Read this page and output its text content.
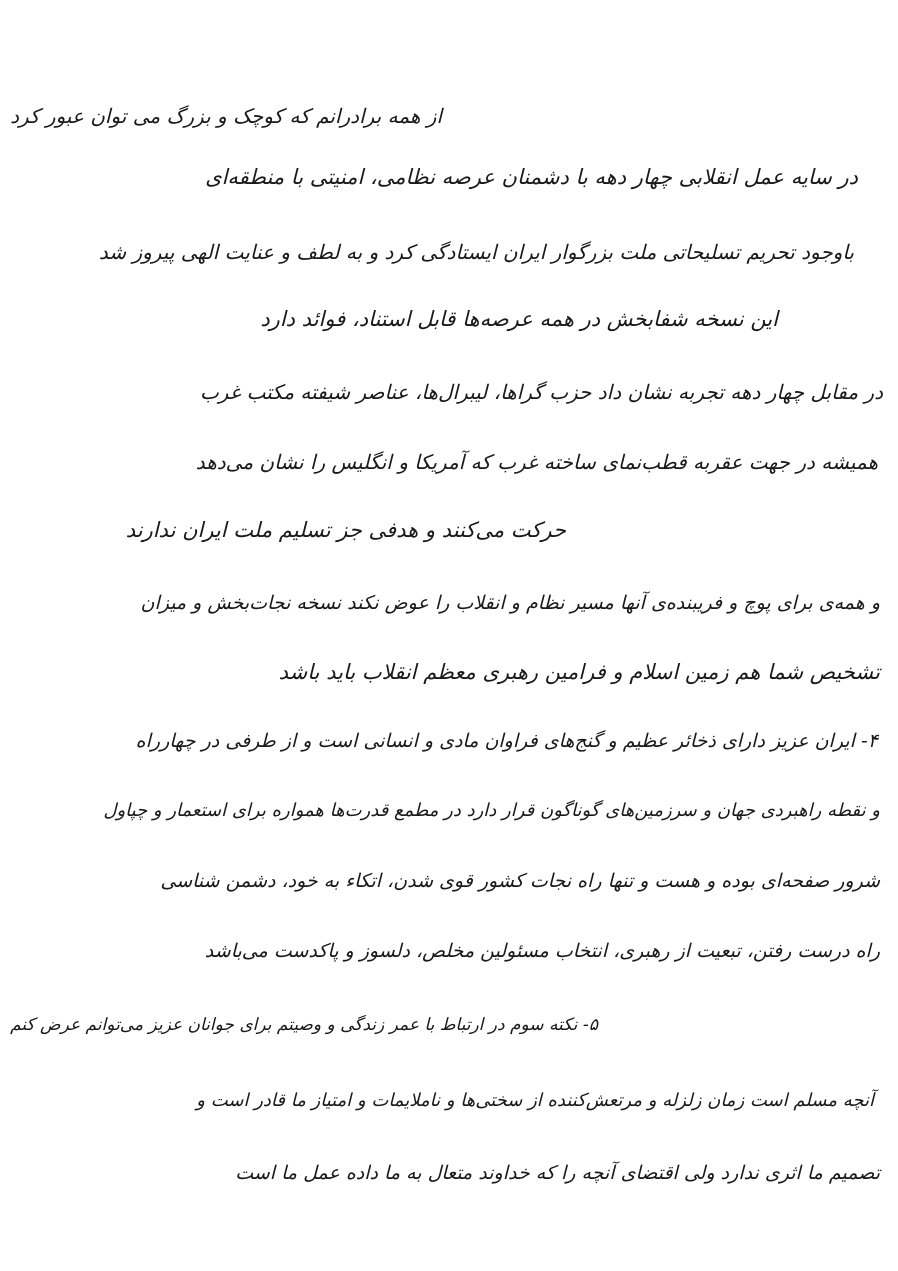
از همه برادرانم که کوچک و بزرگ می توان عبور کرد
در سایه عمل انقلابی چهار دهه با دشمنان عرصه نظامی، امنیتی با منطقه‌ای
باوجود تحریم تسلیحاتی ملت بزرگوار ایران ایستادگی کرد و به لطف و عنایت الهی پیروز شد
این نسخه شفابخش در همه عرصه‌ها قابل استناد، فوائد دارد
در مقابل چهار دهه تجربه نشان داد حزب گراها، لیبرال‌ها، عناصر شیفته مکتب غرب
همیشه در جهت عقربه قطب‌نمای ساخته غرب که آمریکا و انگلیس را نشان می‌دهد
حرکت می‌کنند و هدفی جز تسلیم ملت ایران ندارند
و همه‌ی برای پوچ و فریبنده‌ی آنها مسیر نظام و انقلاب را عوض نکند نسخه نجات‌بخش و میزان
تشخیص شما هم زمین اسلام و فرامین رهبری معظم انقلاب باید باشد
۴- ایران عزیز دارای ذخائر عظیم و گنج‌های فراوان مادی و انسانی است و از طرفی در چهارراه
و نقطه راهبردی جهان و سرزمین‌های گوناگون قرار دارد در مطمع قدرت‌ها همواره برای استعمار و چپاول
شرور صفحه‌ای بوده و هست و تنها راه نجات کشور قوی شدن، اتکاء به خود، دشمن شناسی
راه درست رفتن، تبعیت از رهبری، انتخاب مسئولین مخلص، دلسوز و پاکدست می‌باشد
۵- نکته سوم در ارتباط با عمر زندگی و وصیتم برای جوانان عزیز می‌توانم عرض کنم
آنچه مسلم است زمان زلزله و مرتعش‌کننده از سختی‌ها و ناملایمات و امتیاز ما قادر است و
تصمیم ما اثری ندارد ولی اقتضای آنچه را که خداوند متعال به ما داده عمل ما است
